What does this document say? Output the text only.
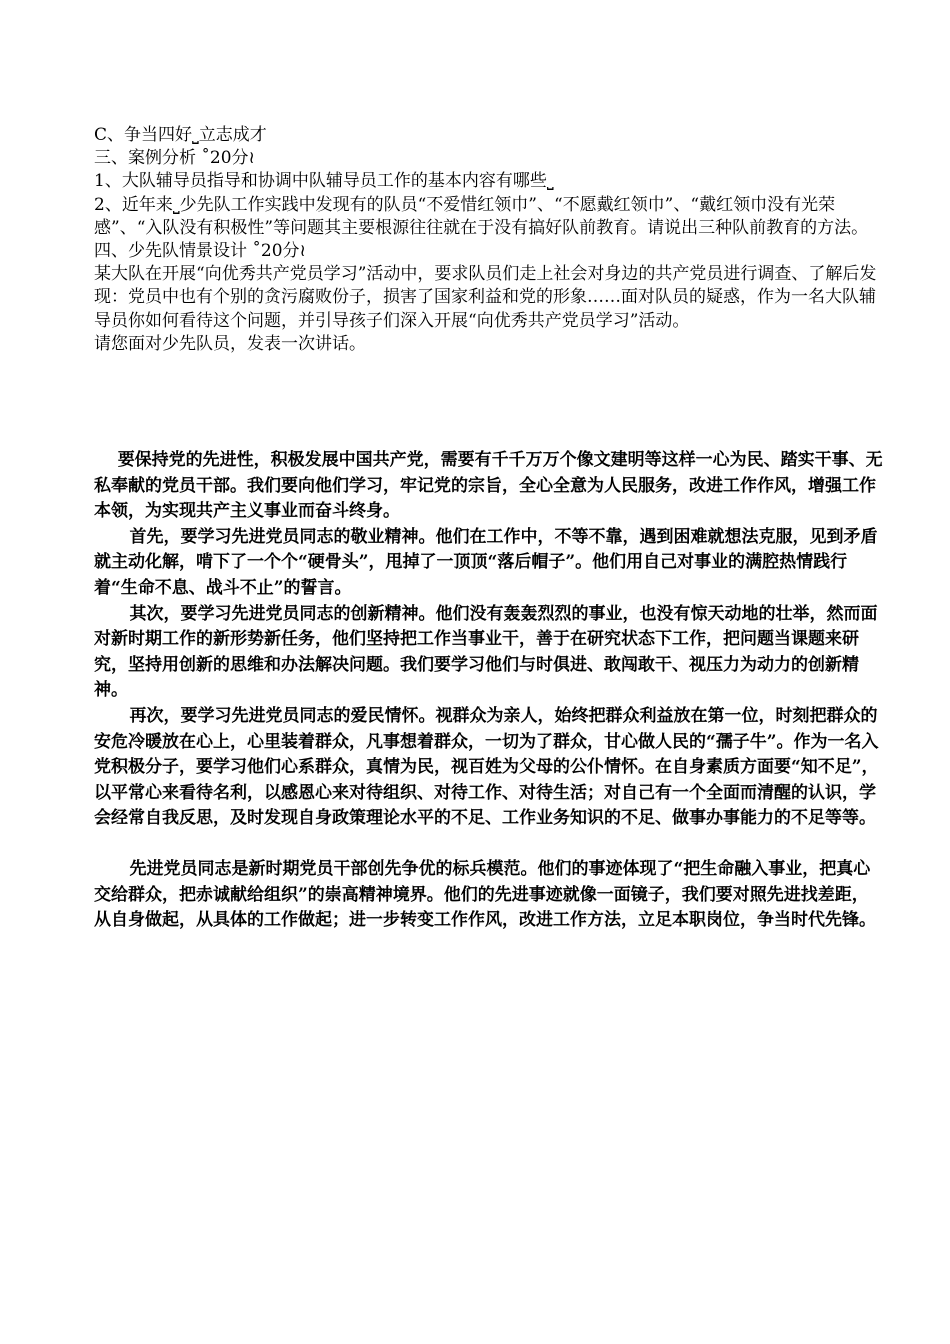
C、争当四好⎵立志成才

三、案例分析 ˚20分≀

1、大队辅导员指导和协调中队辅导员工作的基本内容有哪些⎵

2、近年来⎵少先队工作实践中发现有的队员“不爱惜红领巾”、“不愿戴红领巾”、“戴红领巾没有光荣感”、“入队没有积极性”等问题其主要根源往往就在于没有搞好队前教育。请说出三种队前教育的方法。

四、少先队情景设计 ˚20分≀

某大队在开展“向优秀共产党员学习”活动中，要求队员们走上社会对身边的共产党员进行调查、了解后发现：党员中也有个别的贪污腐败份子，损害了国家利益和党的形象……面对队员的疑惑，作为一名大队辅导员你如何看待这个问题，并引导孩子们深入开展“向优秀共产党员学习”活动。

请您面对少先队员，发表一次讲话。

要保持党的先进性，积极发展中国共产党，需要有千千万万个像文建明等这样一心为民、踏实干事、无私奉献的党员干部。我们要向他们学习，牢记党的宗旨，全心全意为人民服务，改进工作作风，增强工作本领，为实现共产主义事业而奋斗终身。

首先，要学习先进党员同志的敬业精神。他们在工作中，不等不靠，遇到困难就想法克服，见到矛盾就主动化解，啃下了一个个“硬骨头”，甩掉了一顶顶“落后帽子”。他们用自己对事业的满腔热情践行着“生命不息、战斗不止”的誓言。

其次，要学习先进党员同志的创新精神。他们没有轰轰烈烈的事业，也没有惊天动地的壮举，然而面对新时期工作的新形势新任务，他们坚持把工作当事业干，善于在研究状态下工作，把问题当课题来研究，坚持用创新的思维和办法解决问题。我们要学习他们与时俱进、敢闯敢干、视压力为动力的创新精神。

再次，要学习先进党员同志的爱民情怀。视群众为亲人，始终把群众利益放在第一位，时刻把群众的安危冷暖放在心上，心里装着群众，凡事想着群众，一切为了群众，甘心做人民的“孺子牛”。作为一名入党积极分子，要学习他们心系群众，真情为民，视百姓为父母的公仆情怀。在自身素质方面要“知不足”，以平常心来看待名利，以感恩心来对待组织、对待工作、对待生活；对自己有一个全面而清醒的认识，学会经常自我反思，及时发现自身政策理论水平的不足、工作业务知识的不足、做事办事能力的不足等等。

先进党员同志是新时期党员干部创先争优的标兵模范。他们的事迹体现了“把生命融入事业，把真心交给群众，把赤诚献给组织”的崇高精神境界。他们的先进事迹就像一面镜子，我们要对照先进找差距，从自身做起，从具体的工作做起；进一步转变工作作风，改进工作方法，立足本职岗位，争当时代先锋。
